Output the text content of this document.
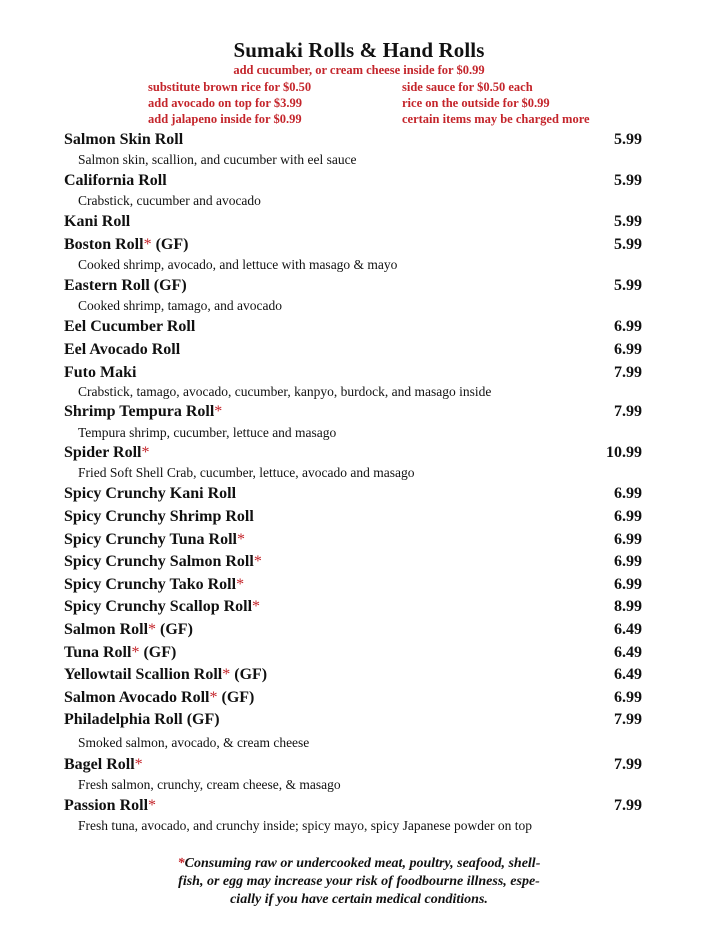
Sumaki Rolls & Hand Rolls
add cucumber, or cream cheese inside for $0.99
substitute brown rice for $0.50
add avocado on top for $3.99
add jalapeno inside for $0.99
side sauce for $0.50 each
rice on the outside for $0.99
certain items may be charged more
Salmon Skin Roll	5.99
Salmon skin, scallion, and cucumber with eel sauce
California Roll	5.99
Crabstick, cucumber and avocado
Kani Roll	5.99
Boston Roll* (GF)	5.99
Cooked shrimp, avocado, and lettuce with masago & mayo
Eastern Roll (GF)	5.99
Cooked shrimp, tamago, and avocado
Eel Cucumber Roll	6.99
Eel Avocado Roll	6.99
Futo Maki	7.99
Crabstick, tamago, avocado, cucumber, kanpyo, burdock, and masago inside
Shrimp Tempura Roll*	7.99
Tempura shrimp, cucumber, lettuce and masago
Spider Roll*	10.99
Fried Soft Shell Crab, cucumber, lettuce, avocado and masago
Spicy Crunchy Kani Roll	6.99
Spicy Crunchy Shrimp Roll	6.99
Spicy Crunchy Tuna Roll*	6.99
Spicy Crunchy Salmon Roll*	6.99
Spicy Crunchy Tako Roll*	6.99
Spicy Crunchy Scallop Roll*	8.99
Salmon Roll* (GF)	6.49
Tuna Roll* (GF)	6.49
Yellowtail Scallion Roll* (GF)	6.49
Salmon Avocado Roll* (GF)	6.99
Philadelphia Roll (GF)	7.99
Smoked salmon, avocado, & cream cheese
Bagel Roll*	7.99
Fresh salmon, crunchy, cream cheese, & masago
Passion Roll*	7.99
Fresh tuna, avocado, and crunchy inside; spicy mayo, spicy Japanese powder on top
*Consuming raw or undercooked meat, poultry, seafood, shell-
fish, or egg may increase your risk of foodbourne illness, espe-
cially if you have certain medical conditions.
